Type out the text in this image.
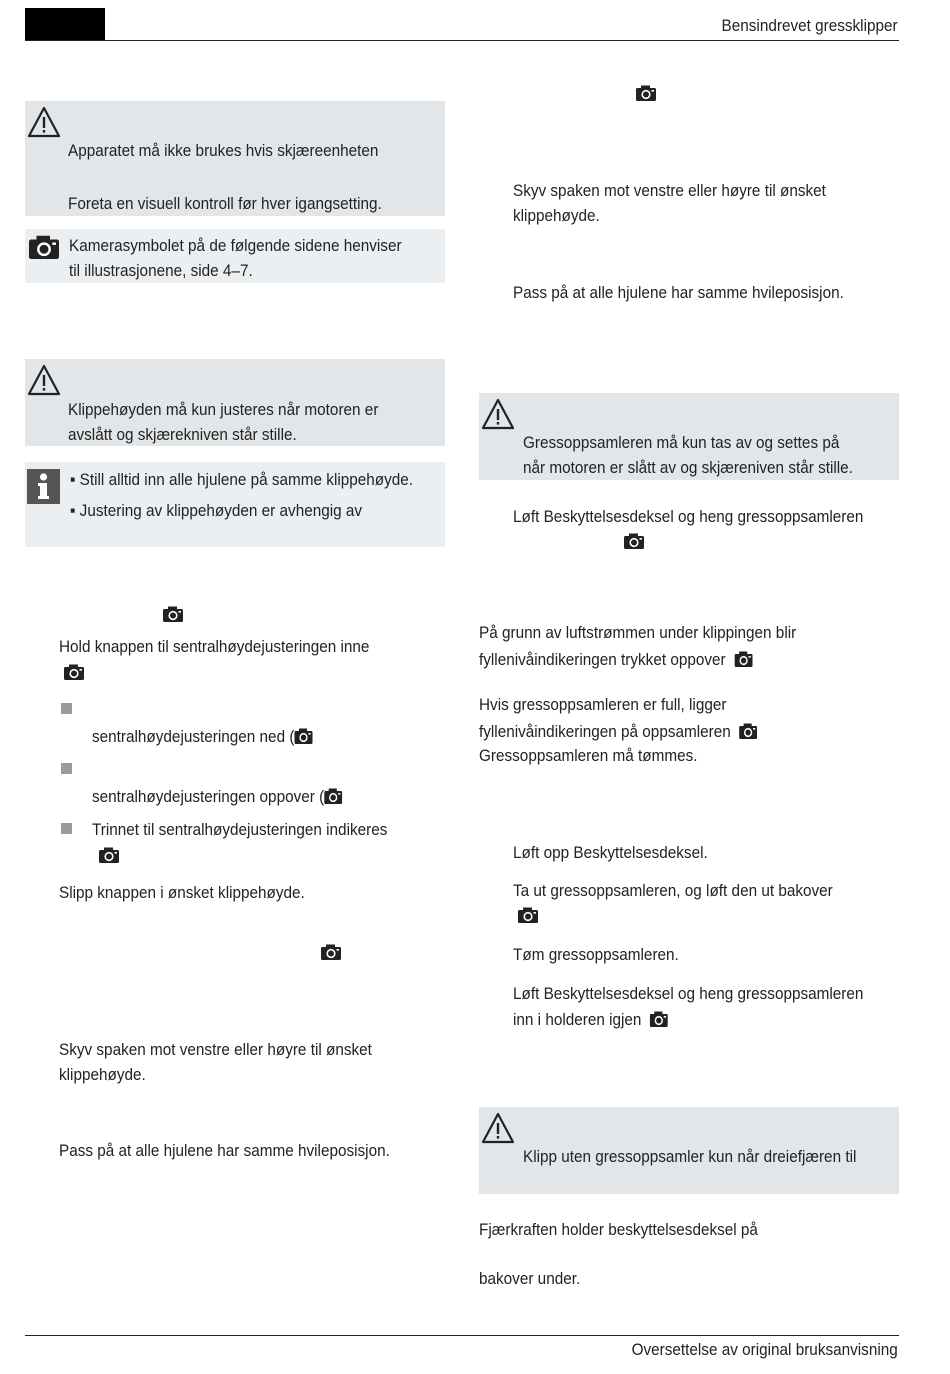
Bensindrevet gressklipper
Apparatet må ikke brukes hvis skjæreenheten
Foreta en visuell kontroll før hver igangsetting.
Kamerasymbolet på de følgende sidene henviser
til illustrasjonene, side 4–7.
Klippehøyden må kun justeres når motoren er
avslått og skjærekniven står stille.
▪ Still alltid inn alle hjulene på samme klippehøyde.
▪ Justering av klippehøyden er avhengig av
Hold knappen til sentralhøydejusteringen inne
sentralhøydejusteringen ned (
sentralhøydejusteringen oppover (
Trinnet til sentralhøydejusteringen indikeres
Slipp knappen i ønsket klippehøyde.
Skyv spaken mot venstre eller høyre til ønsket
klippehøyde.
Pass på at alle hjulene har samme hvileposisjon.
Skyv spaken mot venstre eller høyre til ønsket
klippehøyde.
Pass på at alle hjulene har samme hvileposisjon.
Gressoppsamleren må kun tas av og settes på
når motoren er slått av og skjæreniven står stille.
Løft Beskyttelsesdeksel og heng gressoppsamleren
På grunn av luftstrømmen under klippingen blir
fyllenivåindikeringen trykket oppover
Hvis gressoppsamleren er full, ligger
fyllenivåindikeringen på oppsamleren
Gressoppsamleren må tømmes.
Løft opp Beskyttelsesdeksel.
Ta ut gressoppsamleren, og løft den ut bakover
Tøm gressoppsamleren.
Løft Beskyttelsesdeksel og heng gressoppsamleren
inn i holderen igjen
Klipp uten gressoppsamler kun når dreiefjæren til
Fjærkraften holder beskyttelsesdeksel på
bakover under.
Oversettelse av original bruksanvisning
